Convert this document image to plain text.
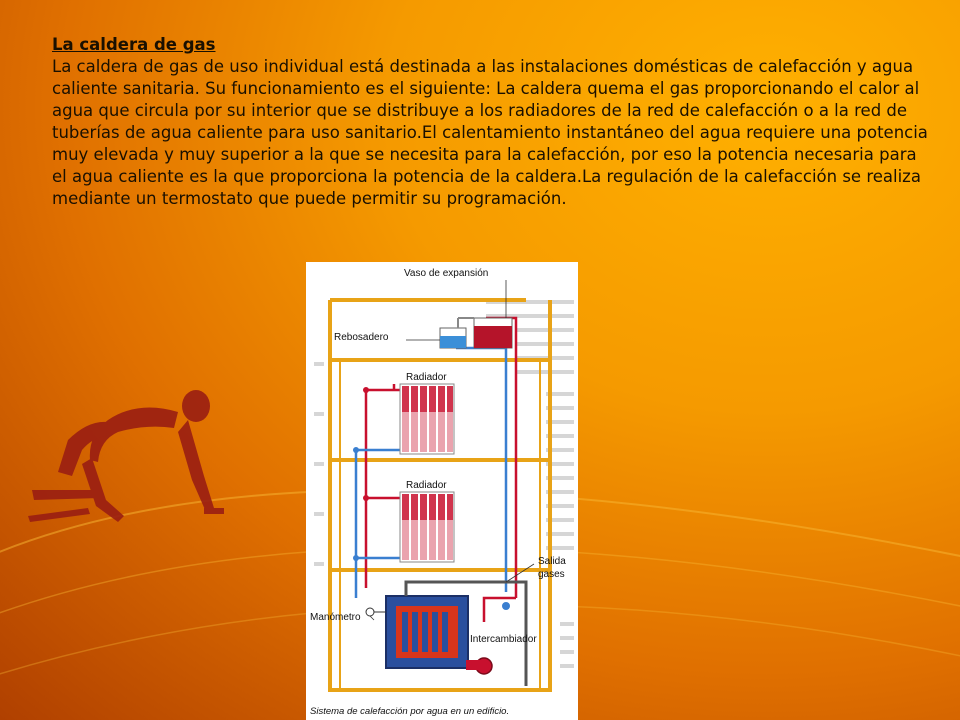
La caldera de gas
La caldera de gas de uso individual está destinada a las instalaciones domésticas de calefacción y agua caliente sanitaria. Su funcionamiento es el siguiente: La caldera quema el gas proporcionando el calor al agua que circula por su interior que se distribuye a los radiadores de la red de calefacción o a la red de tuberías de agua caliente para uso sanitario.El calentamiento instantáneo del agua requiere una potencia muy elevada y muy superior a la que se necesita para la calefacción, por eso la potencia necesaria para el agua caliente es la que proporciona la potencia de la caldera.La regulación de la calefacción se realiza mediante un termostato que puede permitir su programación.
Vaso de expansión
Rebosadero
Radiador
Radiador
Salida
gases
Manómetro
Intercambiador
Sistema de calefacción por agua en un edificio.
